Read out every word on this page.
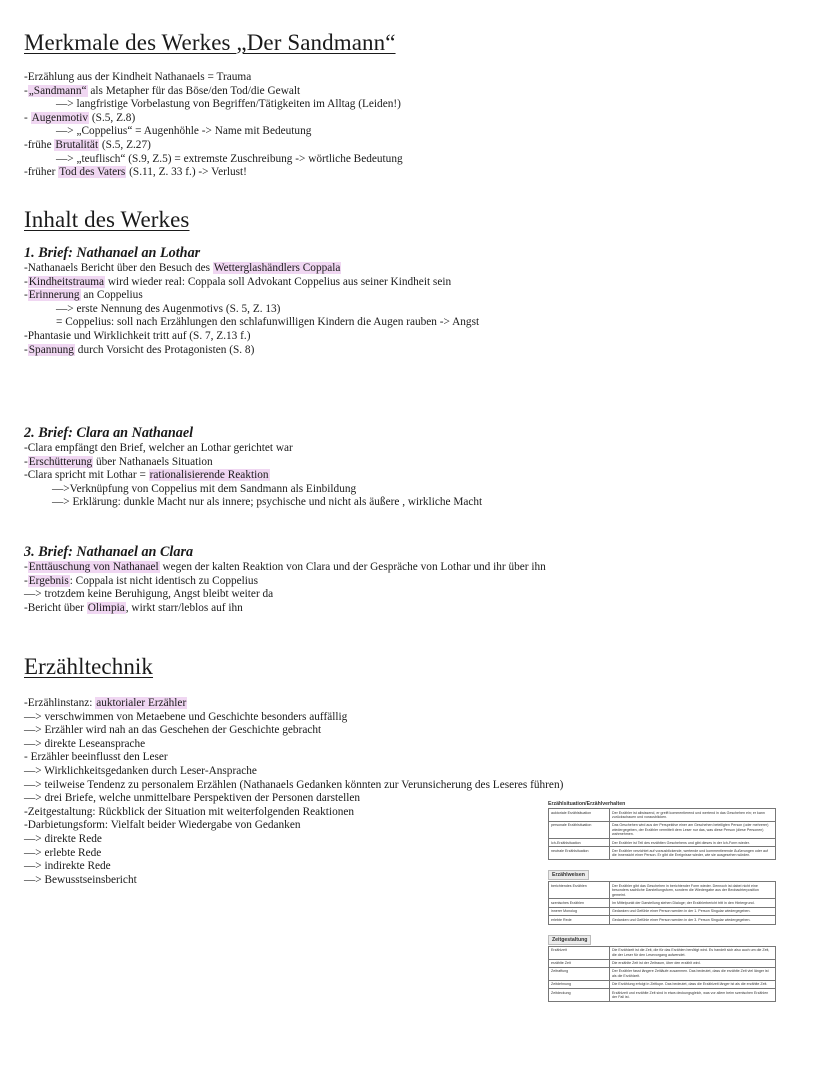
Merkmale des Werkes „Der Sandmann“
-Erzählung aus der Kindheit Nathanaels = Trauma
-„Sandmann“ als Metapher für das Böse/den Tod/die Gewalt
—> langfristige Vorbelastung von Begriffen/Tätigkeiten im Alltag (Leiden!)
- Augenmotiv (S.5, Z.8)
—> „Coppelius“ = Augenhöhle -> Name mit Bedeutung
-frühe Brutalität (S.5, Z.27)
—> „teuflisch“ (S.9, Z.5) = extremste Zuschreibung -> wörtliche Bedeutung
-früher Tod des Vaters (S.11, Z. 33 f.) -> Verlust!
Inhalt des Werkes
1. Brief: Nathanael an Lothar
-Nathanaels Bericht über den Besuch des Wetterglashändlers Coppala
-Kindheitstrauma wird wieder real: Coppala soll Advokant Coppelius aus seiner Kindheit sein
-Erinnerung an Coppelius
—> erste Nennung des Augenmotivs (S. 5, Z. 13)
= Coppelius: soll nach Erzählungen den schlafunwilligen Kindern die Augen rauben -> Angst
-Phantasie und Wirklichkeit tritt auf (S. 7, Z.13 f.)
-Spannung durch Vorsicht des Protagonisten (S. 8)
2. Brief: Clara an Nathanael
-Clara empfängt den Brief, welcher an Lothar gerichtet war
-Erschütterung über Nathanaels Situation
-Clara spricht mit Lothar = rationalisierende Reaktion
—>Verknüpfung von Coppelius mit dem Sandmann als Einbildung
—> Erklärung: dunkle Macht nur als innere; psychische und nicht als äußere , wirkliche Macht
3. Brief: Nathanael an Clara
-Enttäuschung von Nathanael wegen der kalten Reaktion von Clara und der Gespräche von Lothar und ihr über ihn
-Ergebnis: Coppala ist nicht identisch zu Coppelius
—> trotzdem keine Beruhigung, Angst bleibt weiter da
-Bericht über Olimpia, wirkt starr/leblos auf ihn
Erzähltechnik
-Erzählinstanz: auktorialer Erzähler
—> verschwimmen von Metaebene und Geschichte besonders auffällig
—> Erzähler wird nah an das Geschehen der Geschichte gebracht
—> direkte Leseansprache
- Erzähler beeinflusst den Leser
—> Wirklichkeitsgedanken durch Leser-Ansprache
—> teilweise Tendenz zu personalem Erzählen (Nathanaels Gedanken könnten zur Verunsicherung des Leseres führen)
—> drei Briefe, welche unmittelbare Perspektiven der Personen darstellen
-Zeitgestaltung: Rückblick der Situation mit weiterfolgenden Reaktionen
-Darbietungsform: Vielfalt beider Wiedergabe von Gedanken
—> direkte Rede
—> erlebte Rede
—> indirekte Rede
—> Bewusstseinsbericht
Erzählsituation/Erzählverhalten
auktoriale Erzählsituation	Der Erzähler ist allwissend, er greift kommentierend und wertend in das Geschehen ein; er kann zurückschauen und vorausblicken.
personale Erzählsituation	Das Geschehen wird aus der Perspektive einer am Geschehen beteiligten Person (oder mehrerer) wiedergegeben, der Erzähler vermittelt dem Leser nur das, was diese Person (diese Personen) wahrnehmen.
Ich-Erzählsituation	Der Erzähler ist Teil des erzählten Geschehens und gibt dieses in der Ich-Form wieder.
neutrale Erzählsituation	Der Erzähler verzichtet auf vorausblickende, wertende und kommentierende Äußerungen oder auf die Innensicht einer Person. Er gibt die Ereignisse wieder, wie sie ausgesehen würden.
Erzählweisen
berichtendes Erzählen	Der Erzähler gibt das Geschehen in berichtender Form wieder. Dennoch ist dabei nicht eine besonders sachliche Darstellungsform, sondern die Wiedergabe aus der Beobachterposition gemeint.
szenisches Erzählen	Im Mittelpunkt der Darstellung stehen Dialoge; der Erzählerbericht tritt in den Hintergrund.
innerer Monolog	Gedanken und Gefühle einer Person werden in der 1. Person Singular wiedergegeben.
erlebte Rede	Gedanken und Gefühle einer Person werden in der 3. Person Singular wiedergegeben.
Zeitgestaltung
Erzählzeit	Die Erzählzeit ist die Zeit, die für das Erzählen benötigt wird. Es handelt sich also auch um die Zeit, die der Leser für den Lesevorgang aufwendet.
erzählte Zeit	Die erzählte Zeit ist der Zeitraum, über den erzählt wird.
Zeitraffung	Der Erzähler fasst längere Zeitläufe zusammen. Das bedeutet, dass die erzählte Zeit viel länger ist als die Erzählzeit.
Zeitdehnung	Die Erzählung erfolgt in Zeitlupe. Das bedeutet, dass die Erzählzeit länger ist als die erzählte Zeit.
Zeitdeckung	Erzählzeit und erzählte Zeit sind in etwa deckungsgleich, was vor allem beim szenischen Erzählen der Fall ist.
